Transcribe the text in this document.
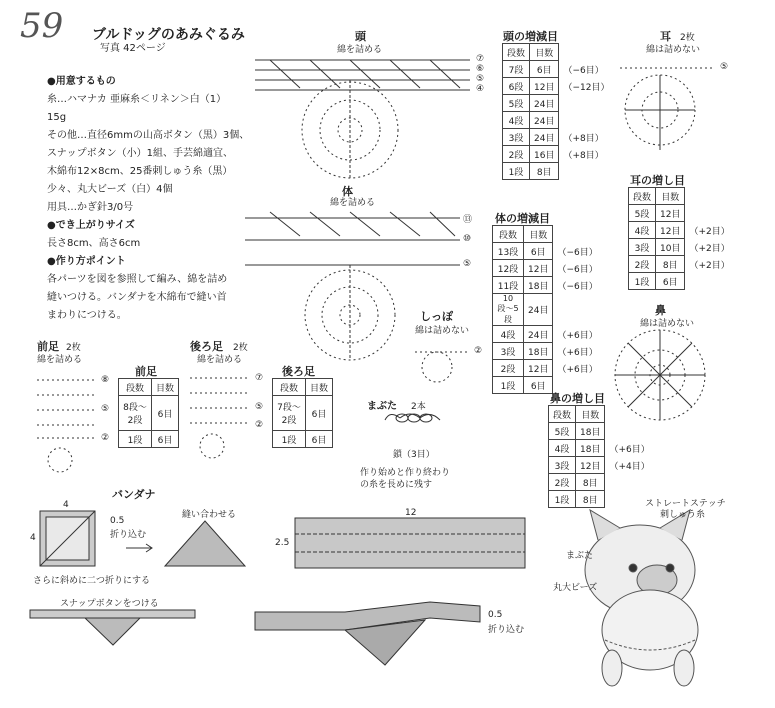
59 ブルドッグのあみぐるみ
写真 42ページ
●用意するもの
糸…ハマナカ 亜麻糸＜リネン＞白（1）
15g
その他…直径6mmの山高ボタン（黒）3個、
スナップボタン（小）1組、手芸綿適宜、
木綿布12×8cm、25番刺しゅう糸（黒）
少々、丸大ビーズ（白）4個
用具…かぎ針3/0号
●でき上がりサイズ
長さ8cm、高さ6cm
●作り方ポイント
各パーツを図を参照して編み、綿を詰め
縫いつける。バンダナを木綿布で縫い首
まわりにつける。
頭
綿を詰める
⑦
⑥
⑤
④
体
綿を詰める
⑬
⑩
⑤
耳 2枚
綿は詰めない
⑤
しっぽ
綿は詰めない
②
鼻
綿は詰めない
前足 2枚
綿を詰める
⑧
⑤
②
後ろ足 2枚
綿を詰める
⑦
⑤
②
まぶた 2本
鎖（3目）
作り始めと作り終わり
の糸を長めに残す
頭の増減目
段数	目数	
7段	6目	（−6目）
6段	12目	（−12目）
5段	24目	
4段	24目	
3段	24目	（+8目）
2段	16目	（+8目）
1段	8目	
耳の増し目
段数	目数	
5段	12目	
4段	12目	（+2目）
3段	10目	（+2目）
2段	8目	（+2目）
1段	6目	
体の増減目
段数	目数	
13段	6目	（−6目）
12段	12目	（−6目）
11段	18目	（−6目）
10段〜5段	24目	
4段	24目	（+6目）
3段	18目	（+6目）
2段	12目	（+6目）
1段	6目	
鼻の増し目
段数	目数	
5段	18目	
4段	18目	（+6目）
3段	12目	（+4目）
2段	8目	
1段	8目	
前足
段数	目数
8段〜2段	6目
1段	6目
後ろ足
段数	目数
7段〜2段	6目
1段	6目
バンダナ
4
4
0.5
折り込む
縫い合わせる
さらに斜めに二つ折りにする
スナップボタンをつける
12
2.5
0.5
折り込む
ストレートステッチ
刺しゅう糸
まぶた
丸大ビーズ
